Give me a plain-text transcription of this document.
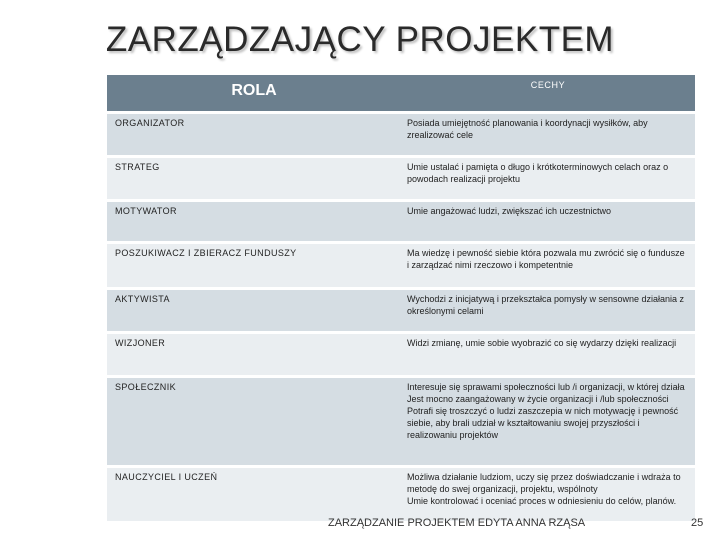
ZARZĄDZAJĄCY PROJEKTEM
ROLA	CECHY
ORGANIZATOR	Posiada umiejętność planowania i koordynacji wysiłków, aby zrealizować cele
STRATEG	Umie ustalać i pamięta o długo i krótkoterminowych celach oraz o powodach realizacji projektu
MOTYWATOR	Umie angażować ludzi, zwiększać ich uczestnictwo
POSZUKIWACZ I ZBIERACZ FUNDUSZY	Ma wiedzę i pewność siebie która pozwala mu zwrócić się o fundusze i zarządzać nimi rzeczowo i kompetentnie
AKTYWISTA	Wychodzi z inicjatywą i przekształca pomysły w sensowne działania z określonymi celami
WIZJONER	Widzi zmianę, umie sobie wyobrazić co się wydarzy dzięki realizacji
SPOŁECZNIK	Interesuje się sprawami społeczności lub /i organizacji, w której działa
Jest mocno zaangażowany w życie organizacji i /lub społeczności
Potrafi się troszczyć o ludzi zaszczepia w nich motywację i pewność siebie, aby brali udział w kształtowaniu swojej przyszłości i realizowaniu projektów
NAUCZYCIEL I UCZEŃ	Możliwa działanie ludziom, uczy się przez doświadczanie i wdraża to metodę do swej organizacji, projektu, wspólnoty
Umie kontrolować i oceniać proces w odniesieniu do celów, planów.
ZARZĄDZANIE PROJEKTEM EDYTA ANNA RZĄSA	25
